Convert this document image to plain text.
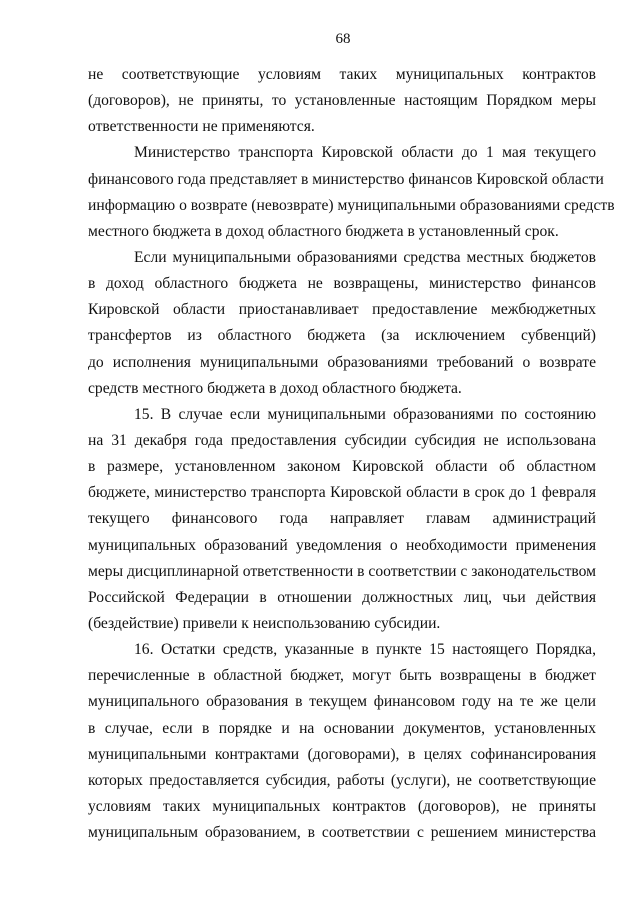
68
не соответствующие условиям таких муниципальных контрактов
(договоров), не приняты, то установленные настоящим Порядком меры
ответственности не применяются.
Министерство транспорта Кировской области до 1 мая текущего
финансового года представляет в министерство финансов Кировской области
информацию о возврате (невозврате) муниципальными образованиями средств
местного бюджета в доход областного бюджета в установленный срок.
Если муниципальными образованиями средства местных бюджетов
в доход областного бюджета не возвращены, министерство финансов
Кировской области приостанавливает предоставление межбюджетных
трансфертов из областного бюджета (за исключением субвенций)
до исполнения муниципальными образованиями требований о возврате
средств местного бюджета в доход областного бюджета.
15. В случае если муниципальными образованиями по состоянию
на 31 декабря года предоставления субсидии субсидия не использована
в размере, установленном законом Кировской области об областном
бюджете, министерство транспорта Кировской области в срок до 1 февраля
текущего финансового года направляет главам администраций
муниципальных образований уведомления о необходимости применения
меры дисциплинарной ответственности в соответствии с законодательством
Российской Федерации в отношении должностных лиц, чьи действия
(бездействие) привели к неиспользованию субсидии.
16. Остатки средств, указанные в пункте 15 настоящего Порядка,
перечисленные в областной бюджет, могут быть возвращены в бюджет
муниципального образования в текущем финансовом году на те же цели
в случае, если в порядке и на основании документов, установленных
муниципальными контрактами (договорами), в целях софинансирования
которых предоставляется субсидия, работы (услуги), не соответствующие
условиям таких муниципальных контрактов (договоров), не приняты
муниципальным образованием, в соответствии с решением министерства
